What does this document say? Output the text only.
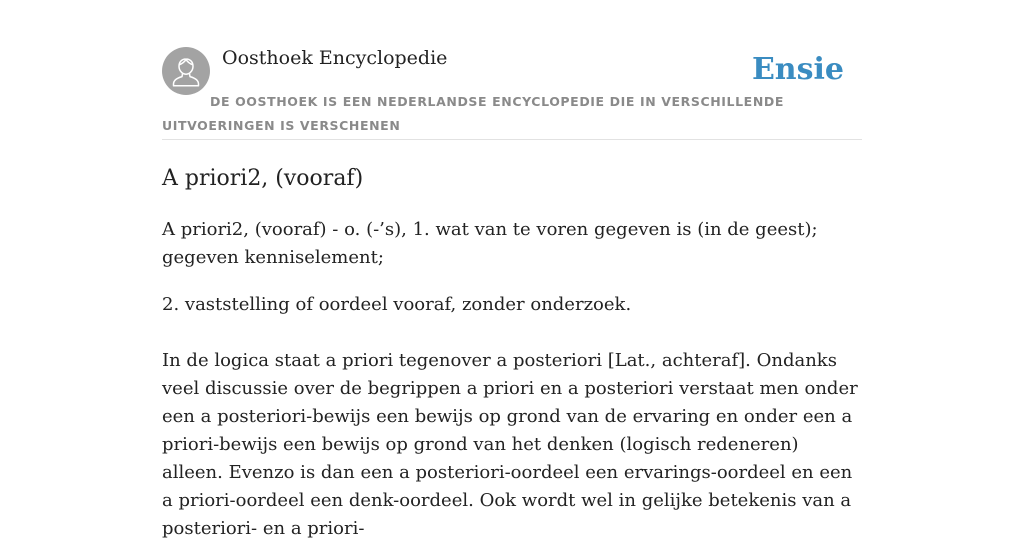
Oosthoek Encyclopedie	Ensie
DE OOSTHOEK IS EEN NEDERLANDSE ENCYCLOPEDIE DIE IN VERSCHILLENDE UITVOERINGEN IS VERSCHENEN
A priori2, (vooraf)

A priori2, (vooraf) - o. (-’s), 1. wat van te voren gegeven is (in de geest); gegeven kenniselement;

2. vaststelling of oordeel vooraf, zonder onderzoek.

In de logica staat a priori tegenover a posteriori [Lat., achteraf]. Ondanks veel discussie over de begrippen a priori en a posteriori verstaat men onder een a posteriori-bewijs een bewijs op grond van de ervaring en onder een a priori-bewijs een bewijs op grond van het denken (logisch redeneren) alleen. Evenzo is dan een a posteriori-oordeel een ervarings-oordeel en een a priori-oordeel een denk-oordeel. Ook wordt wel in gelijke betekenis van a posteriori- en a priori-
